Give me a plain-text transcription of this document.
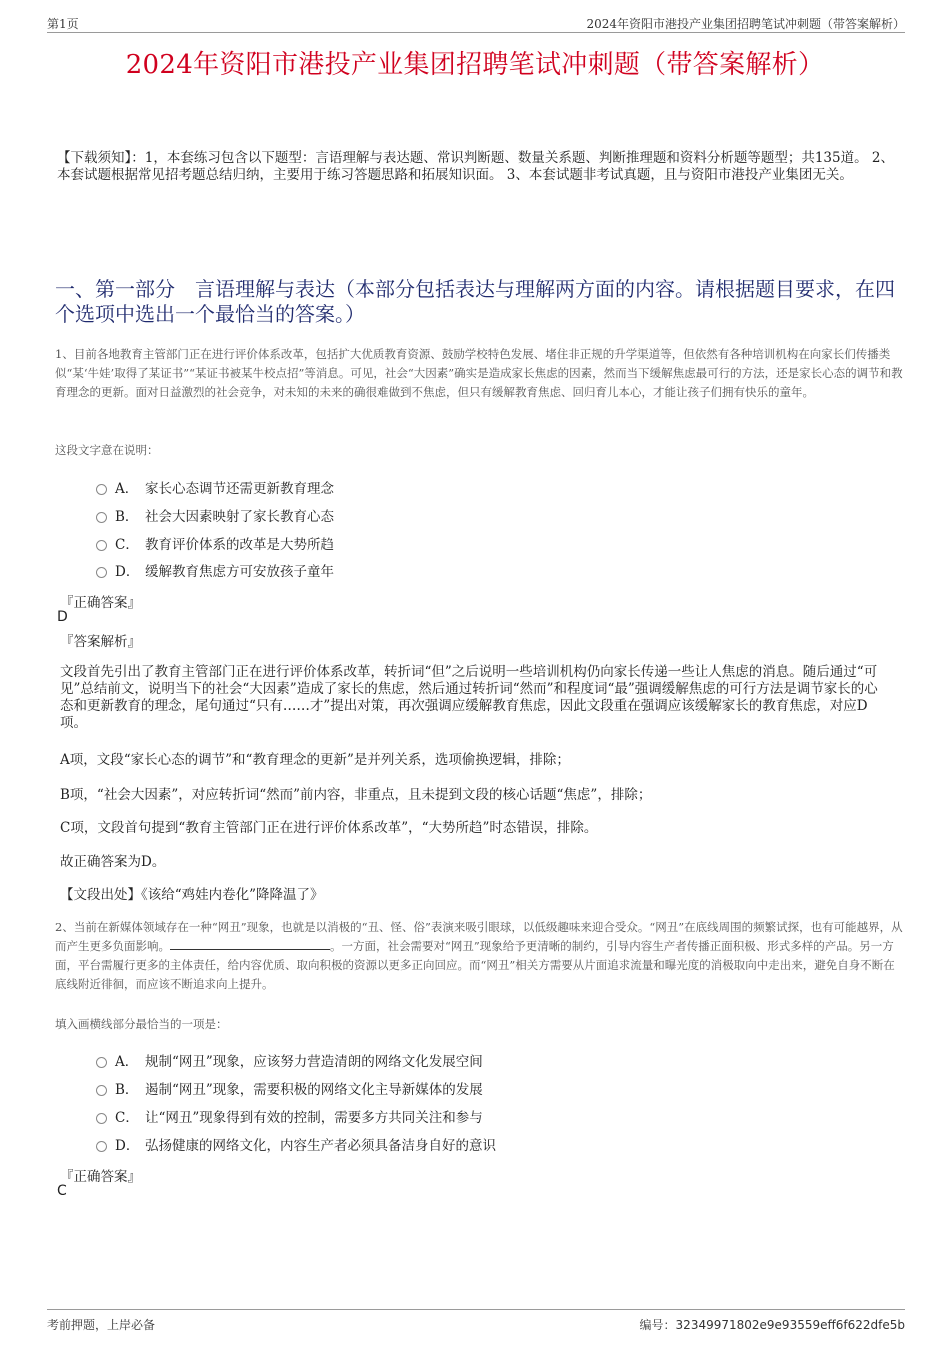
第1页	2024年资阳市港投产业集团招聘笔试冲刺题（带答案解析）
2024年资阳市港投产业集团招聘笔试冲刺题（带答案解析）
【下载须知】：1，本套练习包含以下题型：言语理解与表达题、常识判断题、数量关系题、判断推理题和资料分析题等题型；共135道。 2、本套试题根据常见招考题总结归纳，主要用于练习答题思路和拓展知识面。 3、本套试题非考试真题，且与资阳市港投产业集团无关。
一、第一部分　言语理解与表达（本部分包括表达与理解两方面的内容。请根据题目要求，在四个选项中选出一个最恰当的答案。）
1、目前各地教育主管部门正在进行评价体系改革，包括扩大优质教育资源、鼓励学校特色发展、堵住非正规的升学渠道等，但依然有各种培训机构在向家长们传播类似“某‘牛娃’取得了某证书”“某证书被某牛校点招”等消息。可见，社会“大因素”确实是造成家长焦虑的因素，然而当下缓解焦虑最可行的方法，还是家长心态的调节和教育理念的更新。面对日益激烈的社会竞争，对未知的未来的确很难做到不焦虑，但只有缓解教育焦虑、回归育儿本心，才能让孩子们拥有快乐的童年。
这段文字意在说明：
A． 家长心态调节还需更新教育理念
B． 社会大因素映射了家长教育心态
C． 教育评价体系的改革是大势所趋
D． 缓解教育焦虑方可安放孩子童年
『正确答案』
D
『答案解析』
文段首先引出了教育主管部门正在进行评价体系改革，转折词“但”之后说明一些培训机构仍向家长传递一些让人焦虑的消息。随后通过“可见”总结前文，说明当下的社会“大因素”造成了家长的焦虑，然后通过转折词“然而”和程度词“最”强调缓解焦虑的可行方法是调节家长的心态和更新教育的理念，尾句通过“只有……才”提出对策，再次强调应缓解教育焦虑，因此文段重在强调应该缓解家长的教育焦虑，对应D项。
A项，文段“家长心态的调节”和“教育理念的更新”是并列关系，选项偷换逻辑，排除；
B项，“社会大因素”，对应转折词“然而”前内容，非重点，且未提到文段的核心话题“焦虑”，排除；
C项，文段首句提到“教育主管部门正在进行评价体系改革”，“大势所趋”时态错误，排除。
故正确答案为D。
【文段出处】《该给“鸡娃内卷化”降降温了》
2、当前在新媒体领域存在一种“网丑”现象，也就是以消极的“丑、怪、俗”表演来吸引眼球，以低级趣味来迎合受众。“网丑”在底线周围的频繁试探，也有可能越界，从而产生更多负面影响。	。一方面，社会需要对“网丑”现象给予更清晰的制约，引导内容生产者传播正面积极、形式多样的产品。另一方面，平台需履行更多的主体责任，给内容优质、取向积极的资源以更多正向回应。而“网丑”相关方需要从片面追求流量和曝光度的消极取向中走出来，避免自身不断在底线附近徘徊，而应该不断追求向上提升。
填入画横线部分最恰当的一项是：
A． 规制“网丑”现象，应该努力营造清朗的网络文化发展空间
B． 遏制“网丑”现象，需要积极的网络文化主导新媒体的发展
C． 让“网丑”现象得到有效的控制，需要多方共同关注和参与
D． 弘扬健康的网络文化，内容生产者必须具备洁身自好的意识
『正确答案』
C
考前押题，上岸必备	编号：32349971802e9e93559eff6f622dfe5b
